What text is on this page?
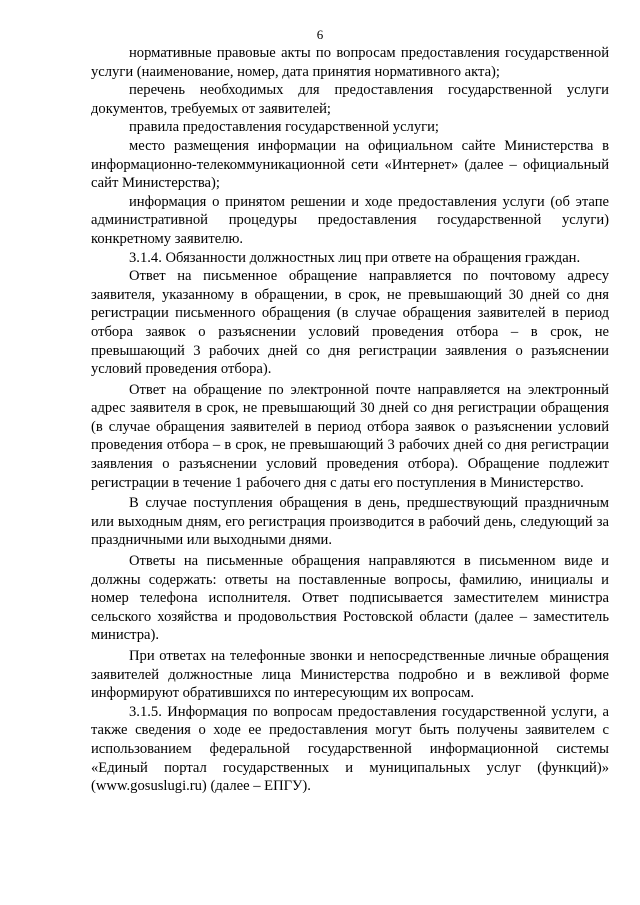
6

нормативные правовые акты по вопросам предоставления государственной услуги (наименование, номер, дата принятия нормативного акта);

перечень необходимых для предоставления государственной услуги документов, требуемых от заявителей;

правила предоставления государственной услуги;

место размещения информации на официальном сайте Министерства в информационно-телекоммуникационной сети «Интернет» (далее – официальный сайт Министерства);

информация о принятом решении и ходе предоставления услуги (об этапе административной процедуры предоставления государственной услуги) конкретному заявителю.

3.1.4. Обязанности должностных лиц при ответе на обращения граждан.

Ответ на письменное обращение направляется по почтовому адресу заявителя, указанному в обращении, в срок, не превышающий 30 дней со дня регистрации письменного обращения (в случае обращения заявителей в период отбора заявок о разъяснении условий проведения отбора – в срок, не превышающий 3 рабочих дней со дня регистрации заявления о разъяснении условий проведения отбора).

Ответ на обращение по электронной почте направляется на электронный адрес заявителя в срок, не превышающий 30 дней со дня регистрации обращения (в случае обращения заявителей в период отбора заявок о разъяснении условий проведения отбора – в срок, не превышающий 3 рабочих дней со дня регистрации заявления о разъяснении условий проведения отбора). Обращение подлежит регистрации в течение 1 рабочего дня с даты его поступления в Министерство.

В случае поступления обращения в день, предшествующий праздничным или выходным дням, его регистрация производится в рабочий день, следующий за праздничными или выходными днями.

Ответы на письменные обращения направляются в письменном виде и должны содержать: ответы на поставленные вопросы, фамилию, инициалы и номер телефона исполнителя. Ответ подписывается заместителем министра сельского хозяйства и продовольствия Ростовской области (далее – заместитель министра).

При ответах на телефонные звонки и непосредственные личные обращения заявителей должностные лица Министерства подробно и в вежливой форме информируют обратившихся по интересующим их вопросам.

3.1.5. Информация по вопросам предоставления государственной услуги, а также сведения о ходе ее предоставления могут быть получены заявителем с использованием федеральной государственной информационной системы «Единый портал государственных и муниципальных услуг (функций)» (www.gosuslugi.ru) (далее – ЕПГУ).
